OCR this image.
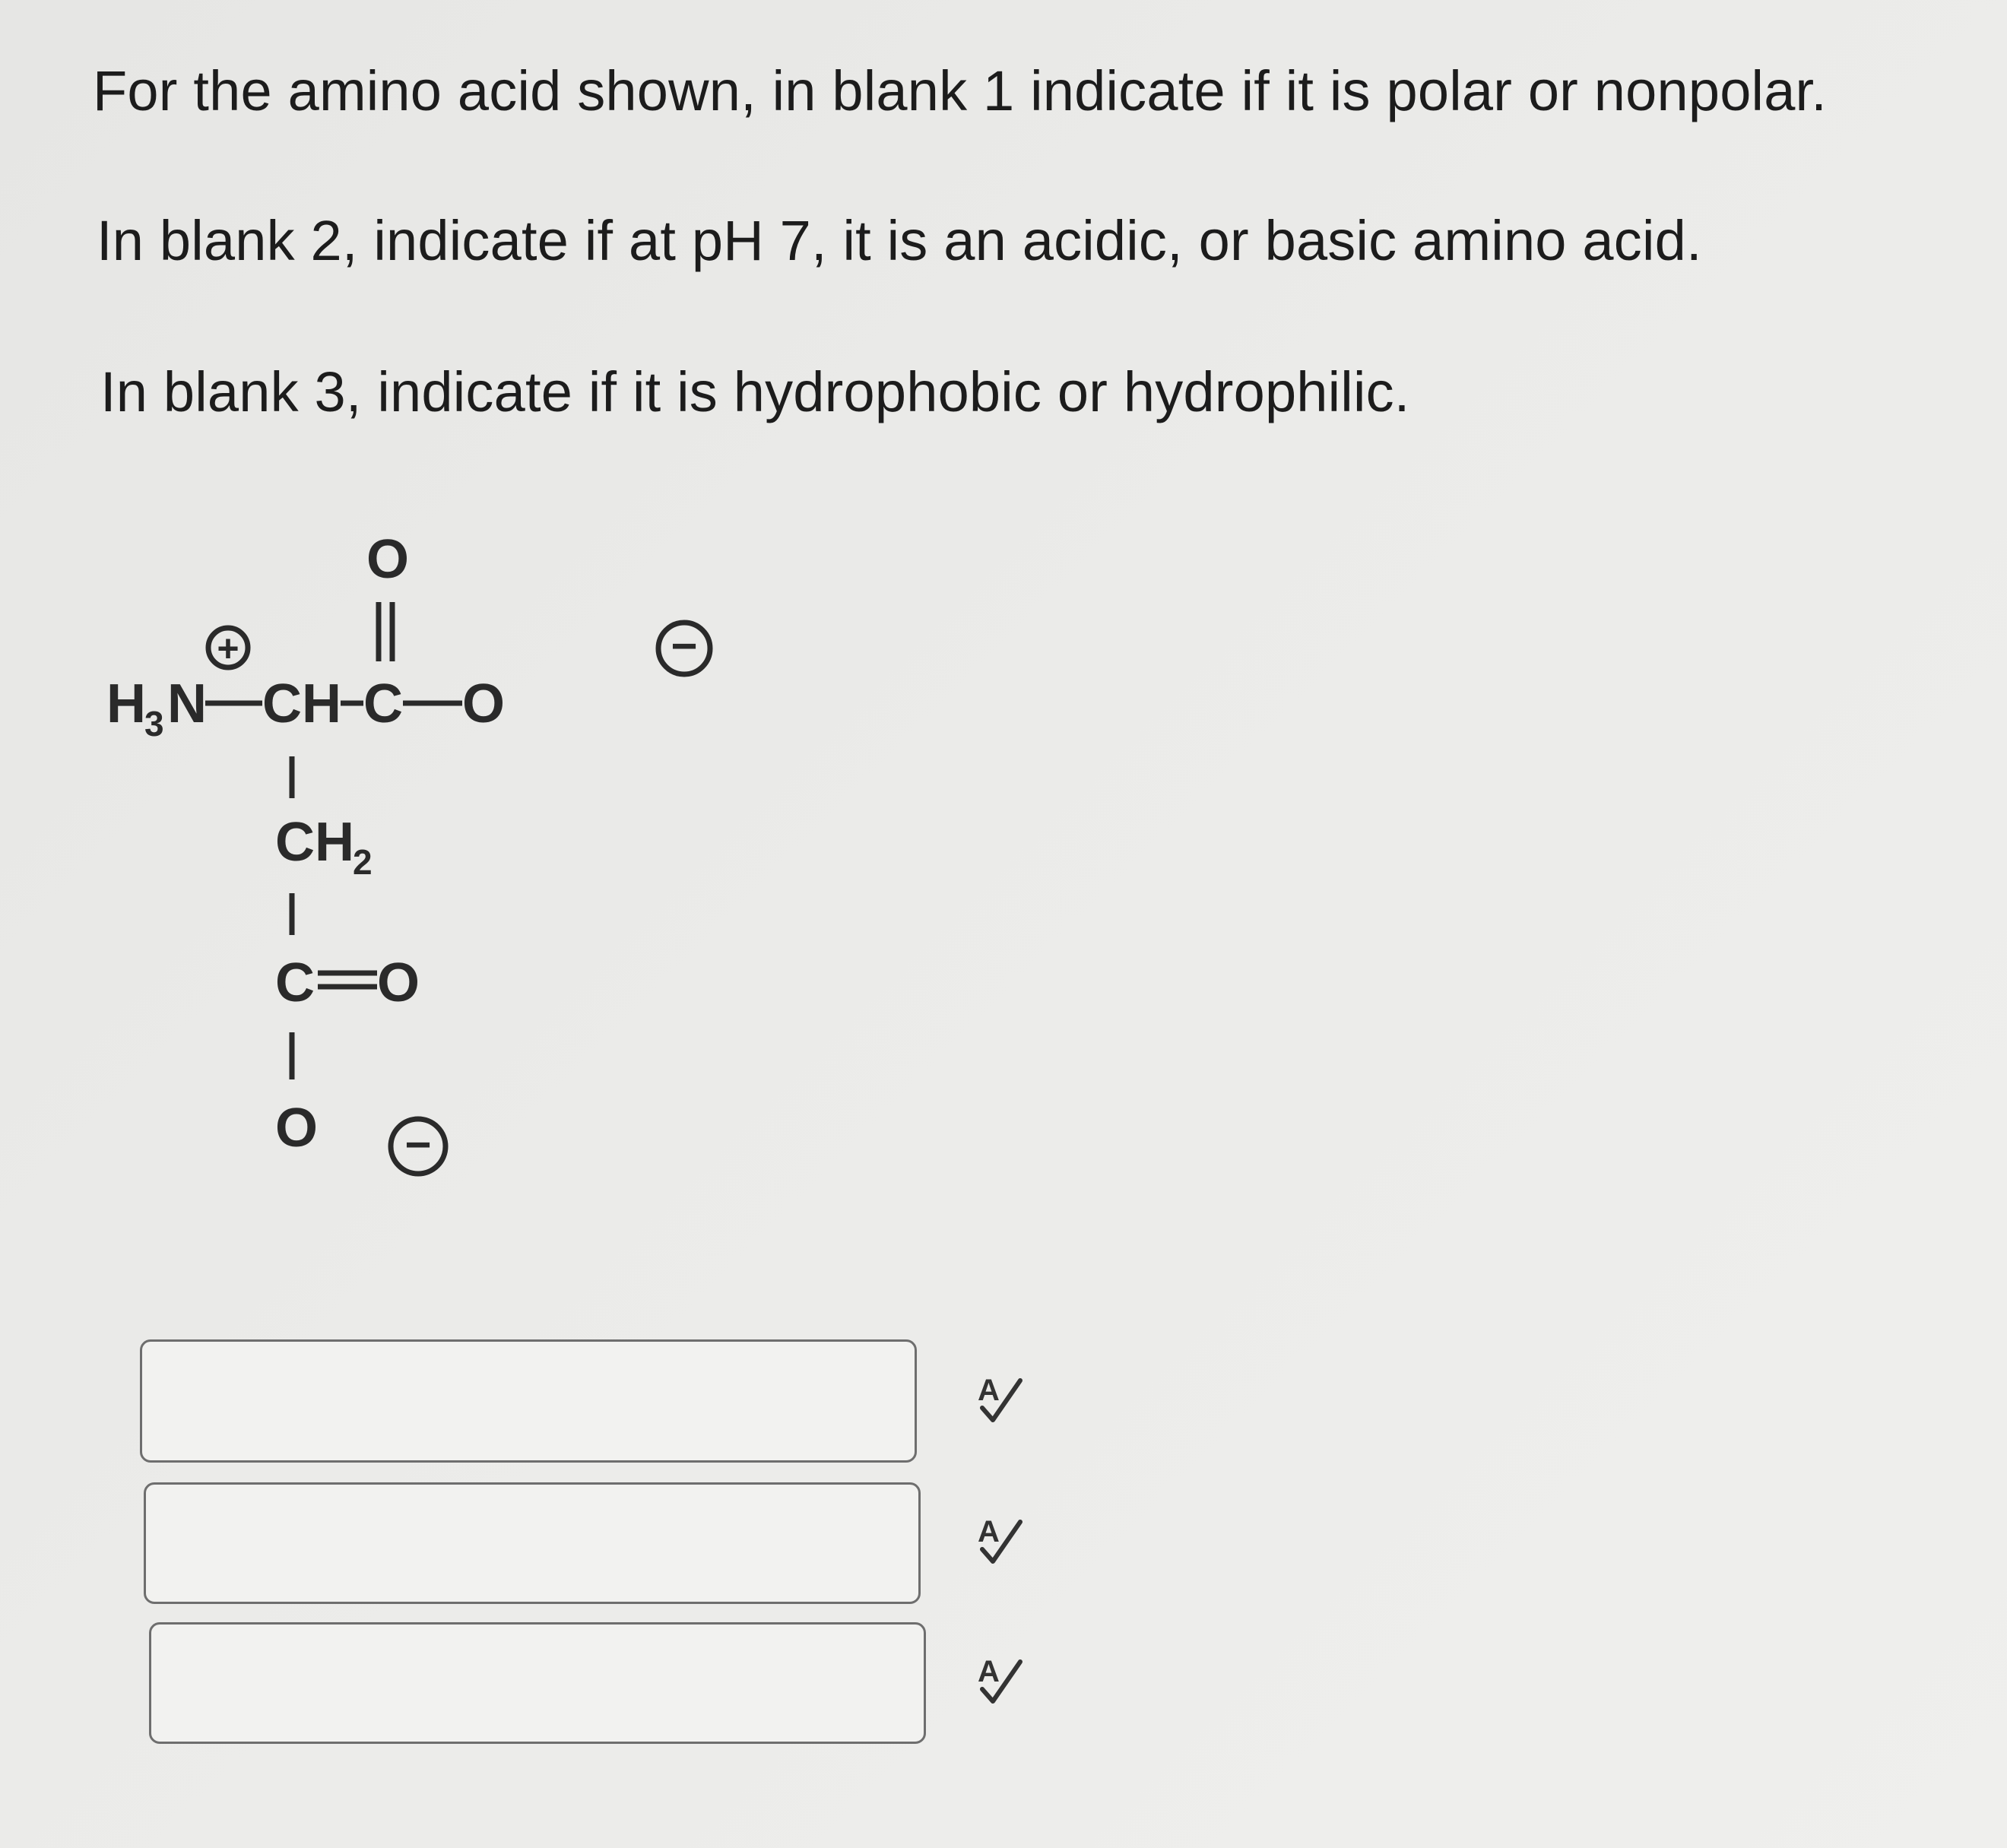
For the amino acid shown, in blank 1 indicate if it is polar or nonpolar.

In blank 2, indicate if at pH 7, it is an acidic, or basic amino acid.

In blank 3, indicate if it is hydrophobic or hydrophilic.

H
3 N
+
CH C
O
O
CH
2
C O
O
−
−
A
A
A
